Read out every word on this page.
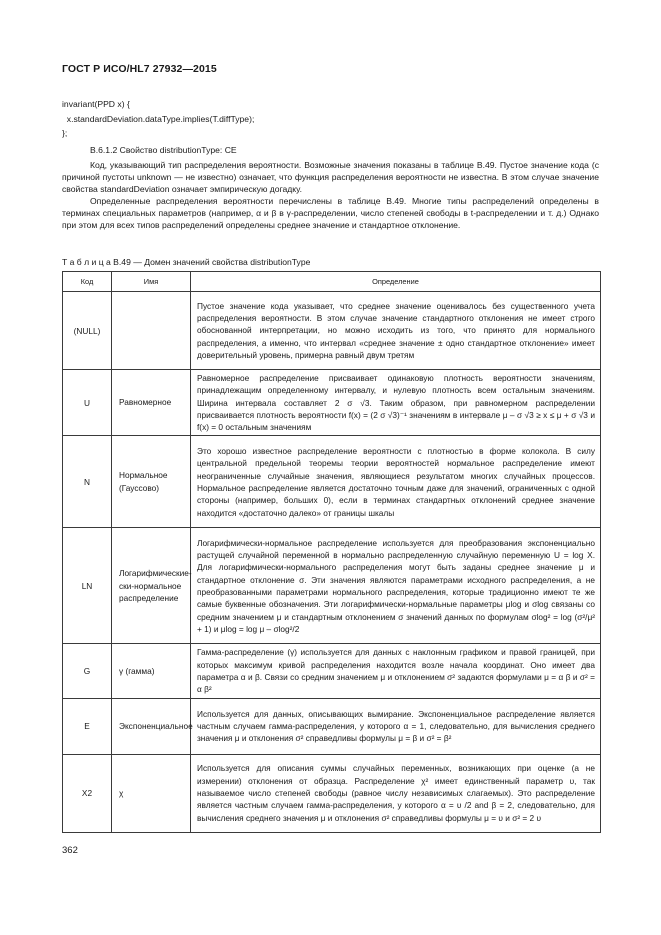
ГОСТ Р ИСО/HL7 27932—2015
invariant(PPD x) {
x.standardDeviation.dataType.implies(T.diffType);
};

B.6.1.2 Свойство distributionType: CE

Код, указывающий тип распределения вероятности. Возможные значения показаны в таблице B.49. Пустое значение кода (с причиной пустоты unknown — не известно) означает, что функция распределения вероятности не известна. В этом случае значение свойства standardDeviation означает эмпирическую догадку.

Определенные распределения вероятности перечислены в таблице B.49. Многие типы распределений определены в терминах специальных параметров (например, α и β в γ-распределении, число степеней свободы в t-распределении и т. д.) Однако при этом для всех типов распределений определены среднее значение и стандартное отклонение.

Т а б л и ц а B.49 — Домен значений свойства distributionType
Код	Имя	Определение
(NULL)		Пустое значение кода указывает, что среднее значение оценивалось без существенного учета распределения вероятности. В этом случае значение стандартного отклонения не имеет строго обоснованной интерпретации, но можно исходить из того, что принято для нормального распределения, а именно, что интервал «среднее значение ± одно стандартное отклонение» имеет доверительный уровень, примерна равный двум третям
U	Равномерное	Равномерное распределение присваивает одинаковую плотность вероятности значениям, принадлежащим определенному интервалу, и нулевую плотность всем остальным значениям. Ширина интервала составляет 2 σ √3. Таким образом, при равномерном распределении присваивается плотность вероятности f(x) = (2 σ √3)⁻¹ значениям в интервале μ – σ √3 ≥ x ≤ μ + σ √3 и f(x) = 0 остальным значениям
N	Нормальное (Гауссово)	Это хорошо известное распределение вероятности с плотностью в форме колокола. В силу центральной предельной теоремы теории вероятностей нормальное распределение имеют неограниченные случайные значения, являющиеся результатом многих случайных процессов. Нормальное распределение является достаточно точным даже для значений, ограниченных с одной стороны (например, больших 0), если в терминах стандартных отклонений среднее значение находится «достаточно далеко» от границы шкалы
LN	Логарифмические-ски-нормальное распределение	Логарифмически-нормальное распределение используется для преобразования экспоненциально растущей случайной переменной в нормально распределенную случайную переменную U = log X. Для логарифмически-нормального распределения могут быть заданы среднее значение μ и стандартное отклонение σ. Эти значения являются параметрами исходного распределения, а не преобразованными параметрами нормального распределения, которые традиционно имеют те же самые буквенные обозначения. Эти логарифмически-нормальные параметры μlog и σlog связаны со средним значением μ и стандартным отклонением σ значений данных по формулам σlog² = log (σ²/μ² + 1) и μlog = log μ – σlog²/2
G	γ (гамма)	Гамма-распределение (γ) используется для данных с наклонным графиком и правой границей, при которых максимум кривой распределения находится возле начала координат. Оно имеет два параметра α и β. Связи со средним значением μ и отклонением σ² задаются формулами μ = α β и σ² = α β²
E	Экспоненциальное	Используется для данных, описывающих вымирание. Экспоненциальное распределение является частным случаем гамма-распределения, у которого α = 1, следовательно, для вычисления среднего значения μ и отклонения σ² справедливы формулы μ = β и σ² = β²
X2	χ	Используется для описания суммы случайных переменных, возникающих при оценке (а не измерении) отклонения от образца. Распределение χ² имеет единственный параметр υ, так называемое число степеней свободы (равное числу независимых слагаемых). Это распределение является частным случаем гамма-распределения, у которого α = υ /2 and β = 2, следовательно, для вычисления среднего значения μ и отклонения σ² справедливы формулы μ = υ и σ² = 2 υ
362
